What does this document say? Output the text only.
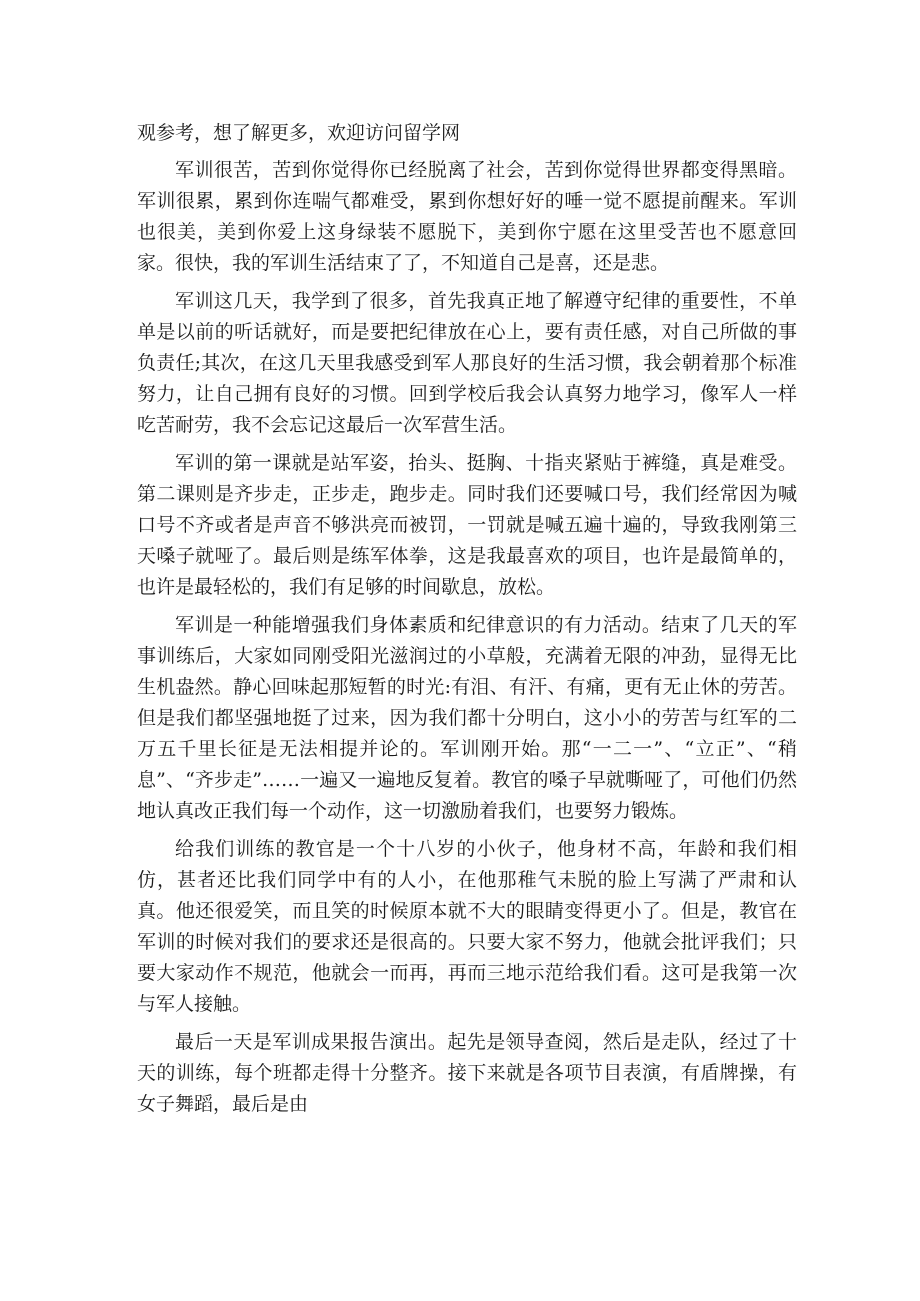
观参考，想了解更多，欢迎访问留学网

军训很苦，苦到你觉得你已经脱离了社会，苦到你觉得世界都变得黑暗。军训很累，累到你连喘气都难受，累到你想好好的唾一觉不愿提前醒来。军训也很美，美到你爱上这身绿装不愿脱下，美到你宁愿在这里受苦也不愿意回家。很快，我的军训生活结束了了，不知道自己是喜，还是悲。

军训这几天，我学到了很多，首先我真正地了解遵守纪律的重要性，不单单是以前的听话就好，而是要把纪律放在心上，要有责任感，对自己所做的事负责任;其次，在这几天里我感受到军人那良好的生活习惯，我会朝着那个标准努力，让自己拥有良好的习惯。回到学校后我会认真努力地学习，像军人一样吃苦耐劳，我不会忘记这最后一次军营生活。

军训的第一课就是站军姿，抬头、挺胸、十指夹紧贴于裤缝，真是难受。第二课则是齐步走，正步走，跑步走。同时我们还要喊口号，我们经常因为喊口号不齐或者是声音不够洪亮而被罚，一罚就是喊五遍十遍的，导致我刚第三天嗓子就哑了。最后则是练军体拳，这是我最喜欢的项目，也许是最简单的，也许是最轻松的，我们有足够的时间歇息，放松。

军训是一种能增强我们身体素质和纪律意识的有力活动。结束了几天的军事训练后，大家如同刚受阳光滋润过的小草般，充满着无限的冲劲，显得无比生机盎然。静心回味起那短暂的时光:有泪、有汗、有痛，更有无止休的劳苦。但是我们都坚强地挺了过来，因为我们都十分明白，这小小的劳苦与红军的二万五千里长征是无法相提并论的。军训刚开始。那“一二一”、“立正”、“稍息”、“齐步走”……一遍又一遍地反复着。教官的嗓子早就嘶哑了，可他们仍然地认真改正我们每一个动作，这一切激励着我们，也要努力锻炼。

给我们训练的教官是一个十八岁的小伙子，他身材不高，年龄和我们相仿，甚者还比我们同学中有的人小，在他那稚气未脱的脸上写满了严肃和认真。他还很爱笑，而且笑的时候原本就不大的眼睛变得更小了。但是，教官在军训的时候对我们的要求还是很高的。只要大家不努力，他就会批评我们；只要大家动作不规范，他就会一而再，再而三地示范给我们看。这可是我第一次与军人接触。

最后一天是军训成果报告演出。起先是领导查阅，然后是走队，经过了十天的训练，每个班都走得十分整齐。接下来就是各项节目表演，有盾牌操，有女子舞蹈，最后是由
